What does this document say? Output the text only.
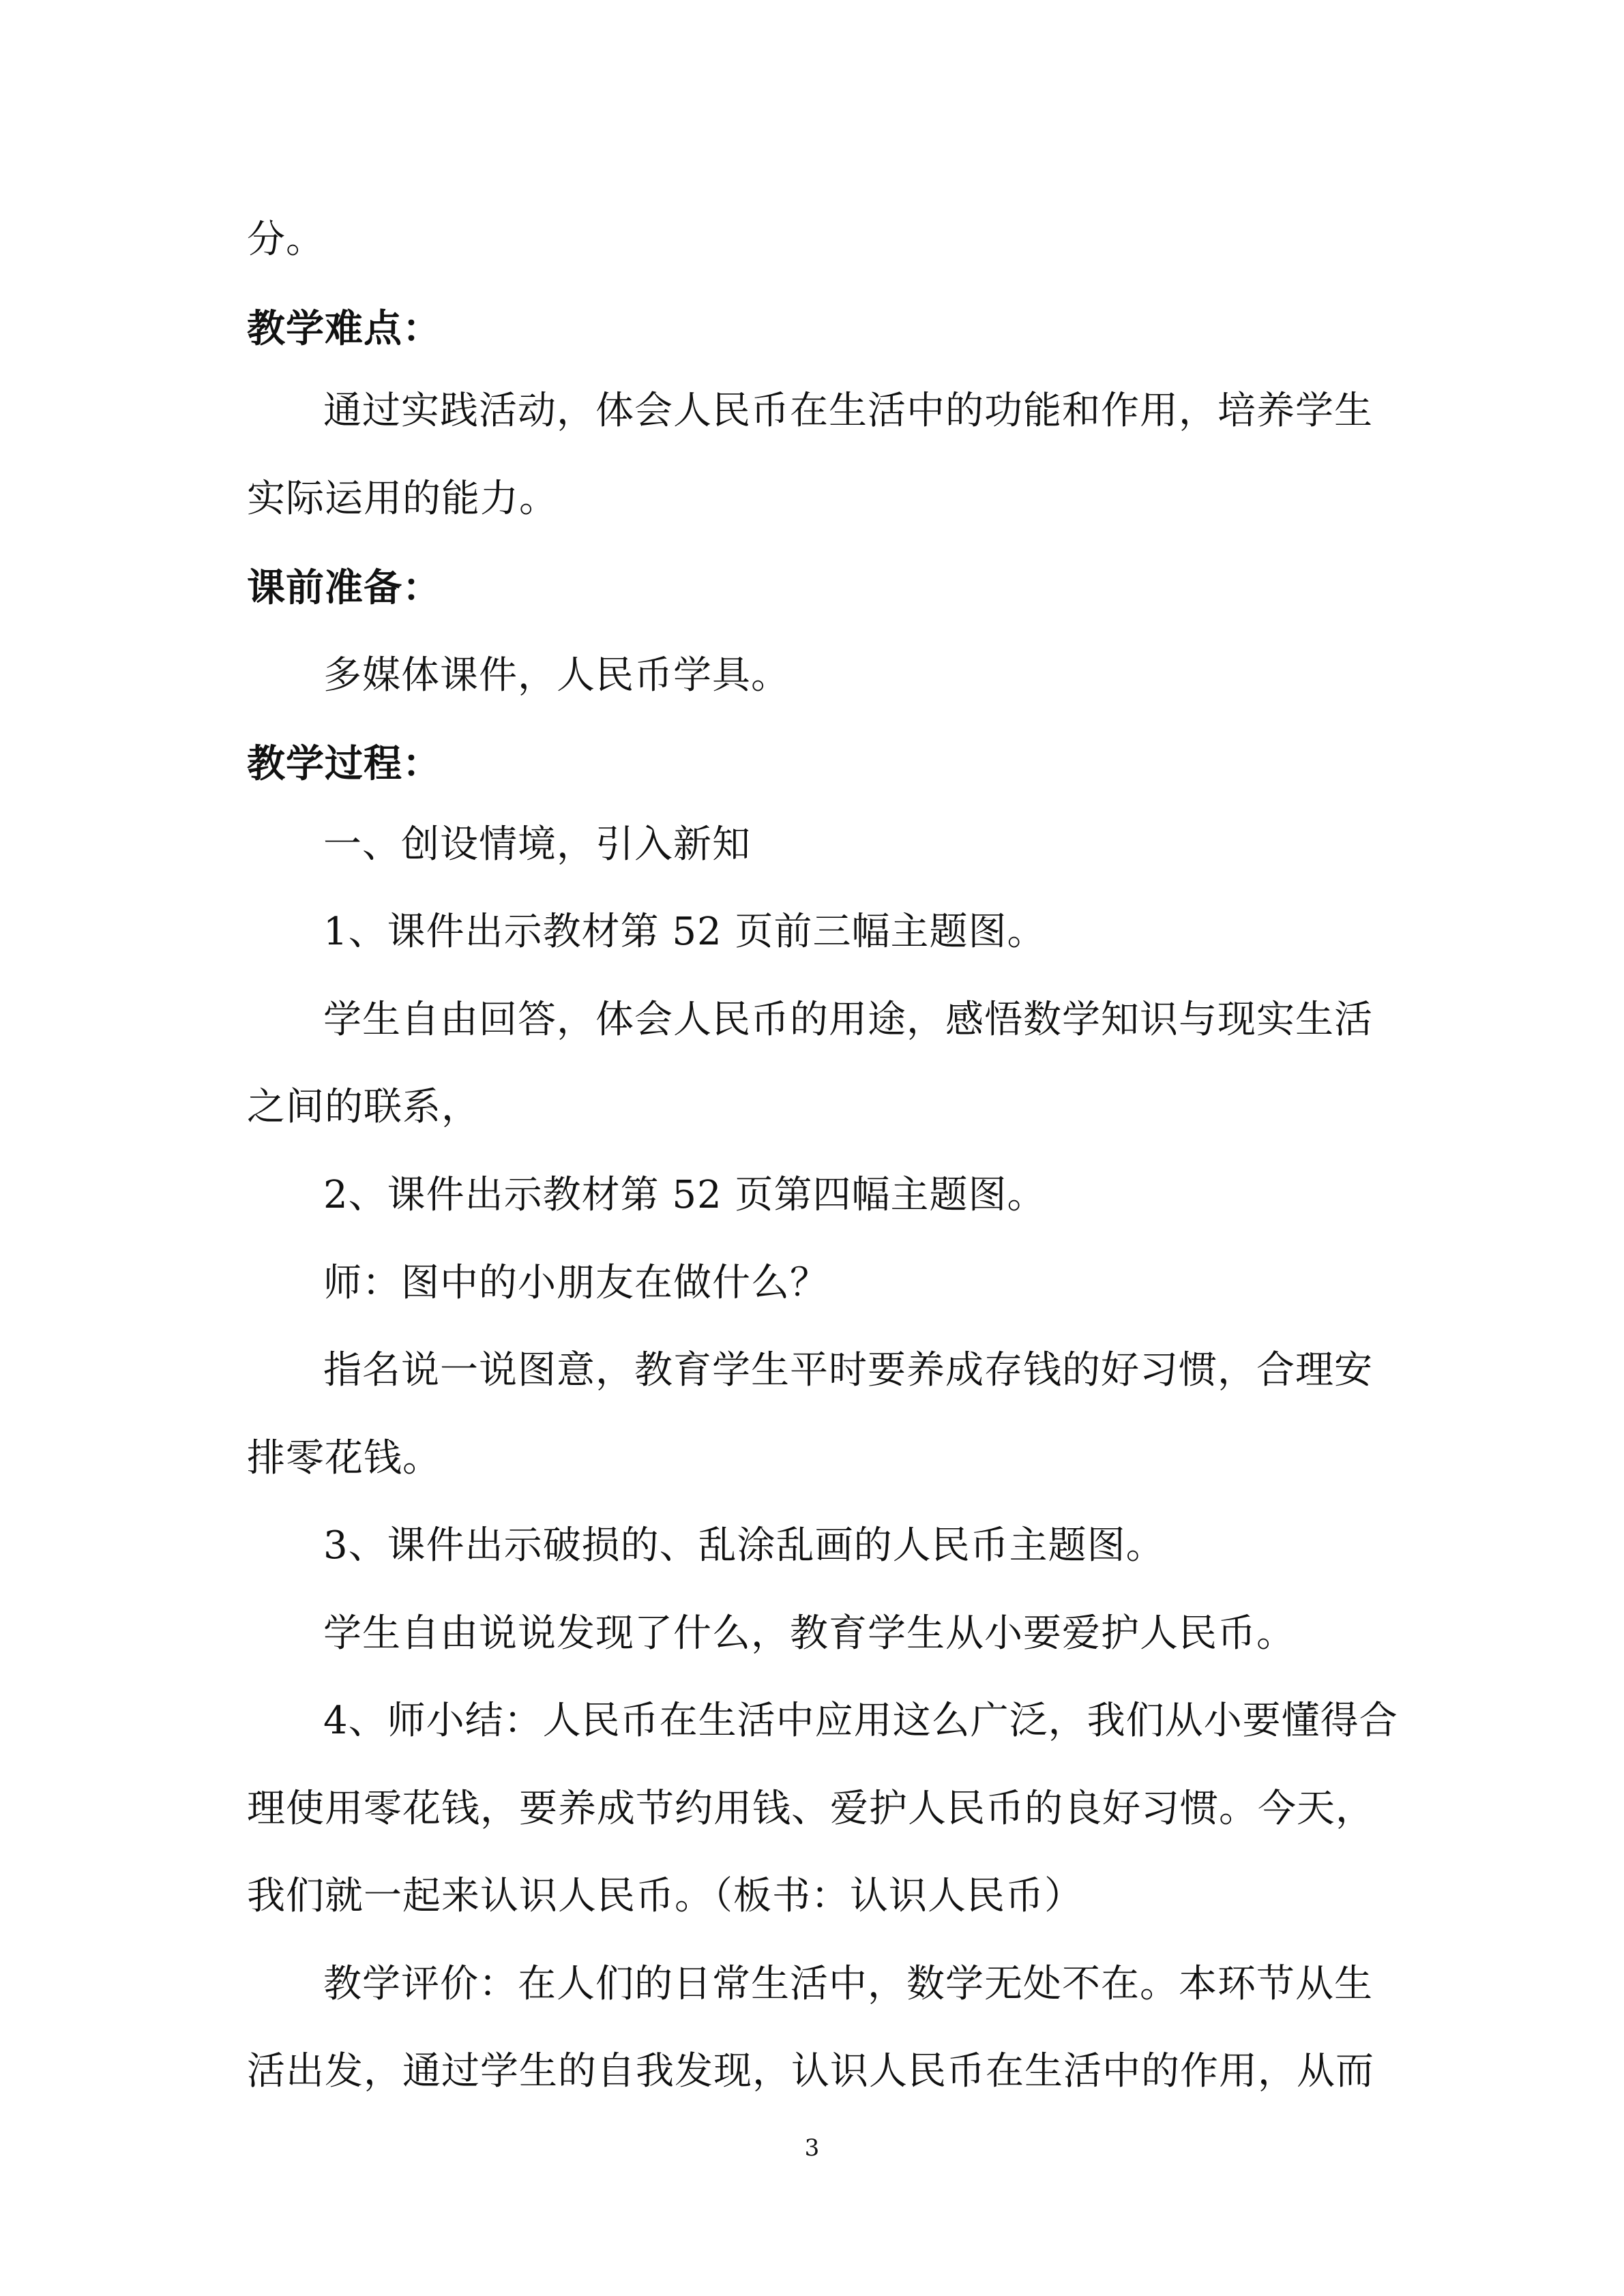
分。
教学难点：
通过实践活动，体会人民币在生活中的功能和作用，培养学生
实际运用的能力。
课前准备：
多媒体课件，人民币学具。
教学过程：
一、创设情境，引入新知
1、课件出示教材第 52 页前三幅主题图。
学生自由回答，体会人民币的用途，感悟数学知识与现实生活
之间的联系，
2、课件出示教材第 52 页第四幅主题图。
师：图中的小朋友在做什么？
指名说一说图意，教育学生平时要养成存钱的好习惯，合理安
排零花钱。
3、课件出示破损的、乱涂乱画的人民币主题图。
学生自由说说发现了什么，教育学生从小要爱护人民币。
4、师小结：人民币在生活中应用这么广泛，我们从小要懂得合
理使用零花钱，要养成节约用钱、爱护人民币的良好习惯。今天，
我们就一起来认识人民币。（板书：认识人民币）
教学评价：在人们的日常生活中，数学无处不在。本环节从生
活出发，通过学生的自我发现，认识人民币在生活中的作用，从而
3
